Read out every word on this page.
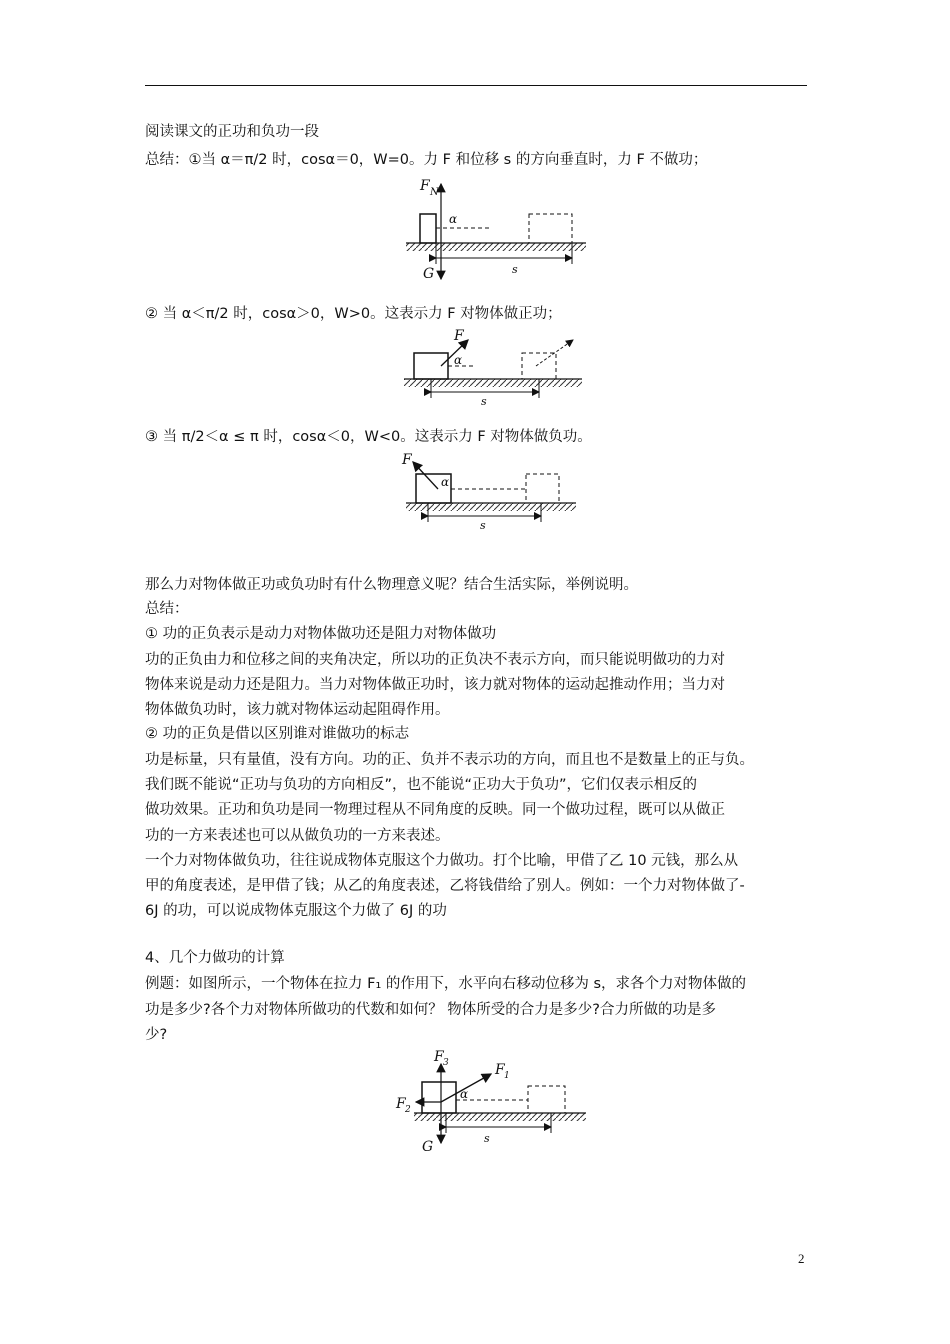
阅读课文的正功和负功一段
总结：①当 α＝π/2 时，cosα＝0，W=0。力 F 和位移 s 的方向垂直时，力 F 不做功；
F N
α
G	s
② 当 α＜π/2 时，cosα＞0，W>0。这表示力 F 对物体做正功；
F
α
s
③ 当 π/2＜α ≤ π 时，cosα＜0，W<0。这表示力 F 对物体做负功。
F
α
s
那么力对物体做正功或负功时有什么物理意义呢？结合生活实际，举例说明。
总结：
① 功的正负表示是动力对物体做功还是阻力对物体做功
功的正负由力和位移之间的夹角决定，所以功的正负决不表示方向，而只能说明做功的力对
物体来说是动力还是阻力。当力对物体做正功时，该力就对物体的运动起推动作用；当力对
物体做负功时，该力就对物体运动起阻碍作用。
② 功的正负是借以区别谁对谁做功的标志
功是标量，只有量值，没有方向。功的正、负并不表示功的方向，而且也不是数量上的正与负。
我们既不能说“正功与负功的方向相反”，也不能说“正功大于负功”，它们仅表示相反的
做功效果。正功和负功是同一物理过程从不同角度的反映。同一个做功过程，既可以从做正
功的一方来表述也可以从做负功的一方来表述。
一个力对物体做负功，往往说成物体克服这个力做功。打个比喻，甲借了乙 10 元钱，那么从
甲的角度表述，是甲借了钱；从乙的角度表述，乙将钱借给了别人。例如：一个力对物体做了-
6J 的功，可以说成物体克服这个力做了 6J 的功
4、几个力做功的计算
例题：如图所示，一个物体在拉力 F₁ 的作用下，水平向右移动位移为 s，求各个力对物体做的
功是多少?各个力对物体所做功的代数和如何？ 物体所受的合力是多少?合力所做的功是多
少?
F 3	F 1
F 2
α
G
s
2
